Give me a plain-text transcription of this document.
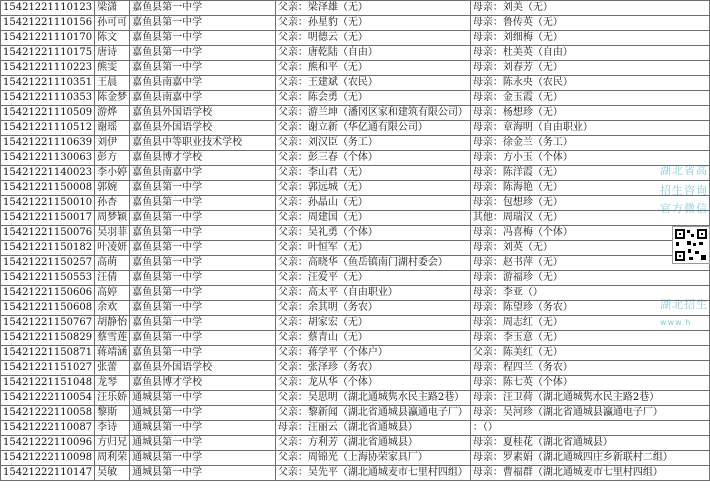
15421221110123	梁潇	嘉鱼县第一中学	父亲：梁泽雄（无）	母亲：刘美（无）
15421221110156	孙可可	嘉鱼县第一中学	父亲：孙星豹（无）	母亲：鲁传英（无）
15421221110170	陈文	嘉鱼县第一中学	父亲：明德云（无）	母亲：刘细梅（无）
15421221110175	唐诗	嘉鱼县第一中学	父亲：唐乾陆（自由）	母亲：杜美英（自由）
15421221110223	熊雯	嘉鱼县第一中学	父亲：熊和平（无）	母亲：刘春芳（无）
15421221110351	王晨	嘉鱼县南嘉中学	父亲：王建斌（农民）	母亲：陈永央（农民）
15421221110353	陈金梦	嘉鱼县南嘉中学	父亲：陈会勇（无）	母亲：金玉霞（无）
15421221110509	游烨	嘉鱼县外国语学校	父亲：游兰坤（潘冈区家和建筑有限公司）	母亲：杨想珍（无）
15421221110512	谢瑶	嘉鱼县外国语学校	父亲：谢立新（华亿通有限公司）	母亲：章海明（自由职业）
15421221110639	刘伊	嘉鱼县中等职业技术学校	父亲：刘汉臣（务工）	母亲：徐金兰（务工）
15421221130063	彭方	嘉鱼县博才学校	父亲：彭三春（个体）	母亲：方小玉（个体）
15421221140023	李小婷	嘉鱼县南嘉中学	父亲：李山君（无）	母亲：陈洋霞（无）
15421221150008	郭婉	嘉鱼县第一中学	父亲：郭远城（无）	母亲：陈海艳（无）
15421221150010	孙杏	嘉鱼县第一中学	父亲：孙晶山（无）	母亲：包想珍（无）
15421221150017	周梦颖	嘉鱼县第一中学	父亲：周建国（无）	其他：周瑞汉（无）
15421221150076	吴羽菲	嘉鱼县第一中学	父亲：吴礼勇（个体）	母亲：冯喜梅（个体）
15421221150182	叶凌妍	嘉鱼县第一中学	父亲：叶恒军（无）	母亲：刘英（无）
15421221150257	高萌	嘉鱼县第一中学	父亲：高晓华（鱼岳镇南门湖村委会）	母亲：赵书萍（无）
15421221150553	汪倩	嘉鱼县第一中学	父亲：汪爱平（无）	母亲：游福珍（无）
15421221150606	高婷	嘉鱼县第一中学	父亲：高太平（自由职业）	母亲：李亚（）
15421221150608	余欢	嘉鱼县第一中学	父亲：余其明（务农）	母亲：陈望珍（务农）
15421221150767	胡静怡	嘉鱼县第一中学	父亲：胡家宏（无）	母亲：周志红（无）
15421221150829	蔡雪莲	嘉鱼县第一中学	父亲：蔡青山（无）	母亲：李玉意（无）
15421221150871	蒋靖涵	嘉鱼县第一中学	父亲：蒋学平（个体户）	父亲：陈美红（无）
15421221151027	张蕾	嘉鱼县外国语学校	父亲：张泽珍（务农）	母亲：程四兰（务农）
15421221151048	龙琴	嘉鱼县博才学校	父亲：龙从华（个体）	母亲：陈七英（个体）
15421222110054	汪乐娇	通城县第一中学	父亲：吴思明（湖北通城隽水民主路2巷）	母亲：汪卫荷（湖北通城隽水民主路2巷）
15421222110058	黎斯	通城县第一中学	父亲：黎新闻（湖北省通城县瀛通电子厂）	母亲：吴河珍（湖北省通城县瀛通电子厂）
15421222110087	李诗	通城县第一中学	母亲：汪丽云（湖北省通城县）	：（）
15421222110096	方归兄	通城县第一中学	父亲：方利芳（湖北省通城县）	母亲：夏桂花（湖北省通城县）
15421222110098	周利荣	通城县第一中学	父亲：周锦光（上海协荣家具厂）	母亲：罗素娟（湖北通城四庄乡新联村二组）
15421222110147	吴敏	通城县第一中学	父亲：吴先平（湖北通城麦市七里村四组）	母亲：曹福群（湖北通城麦市七里村四组）
湖北省高
招生咨询
官方微信
湖北招生
www.h
